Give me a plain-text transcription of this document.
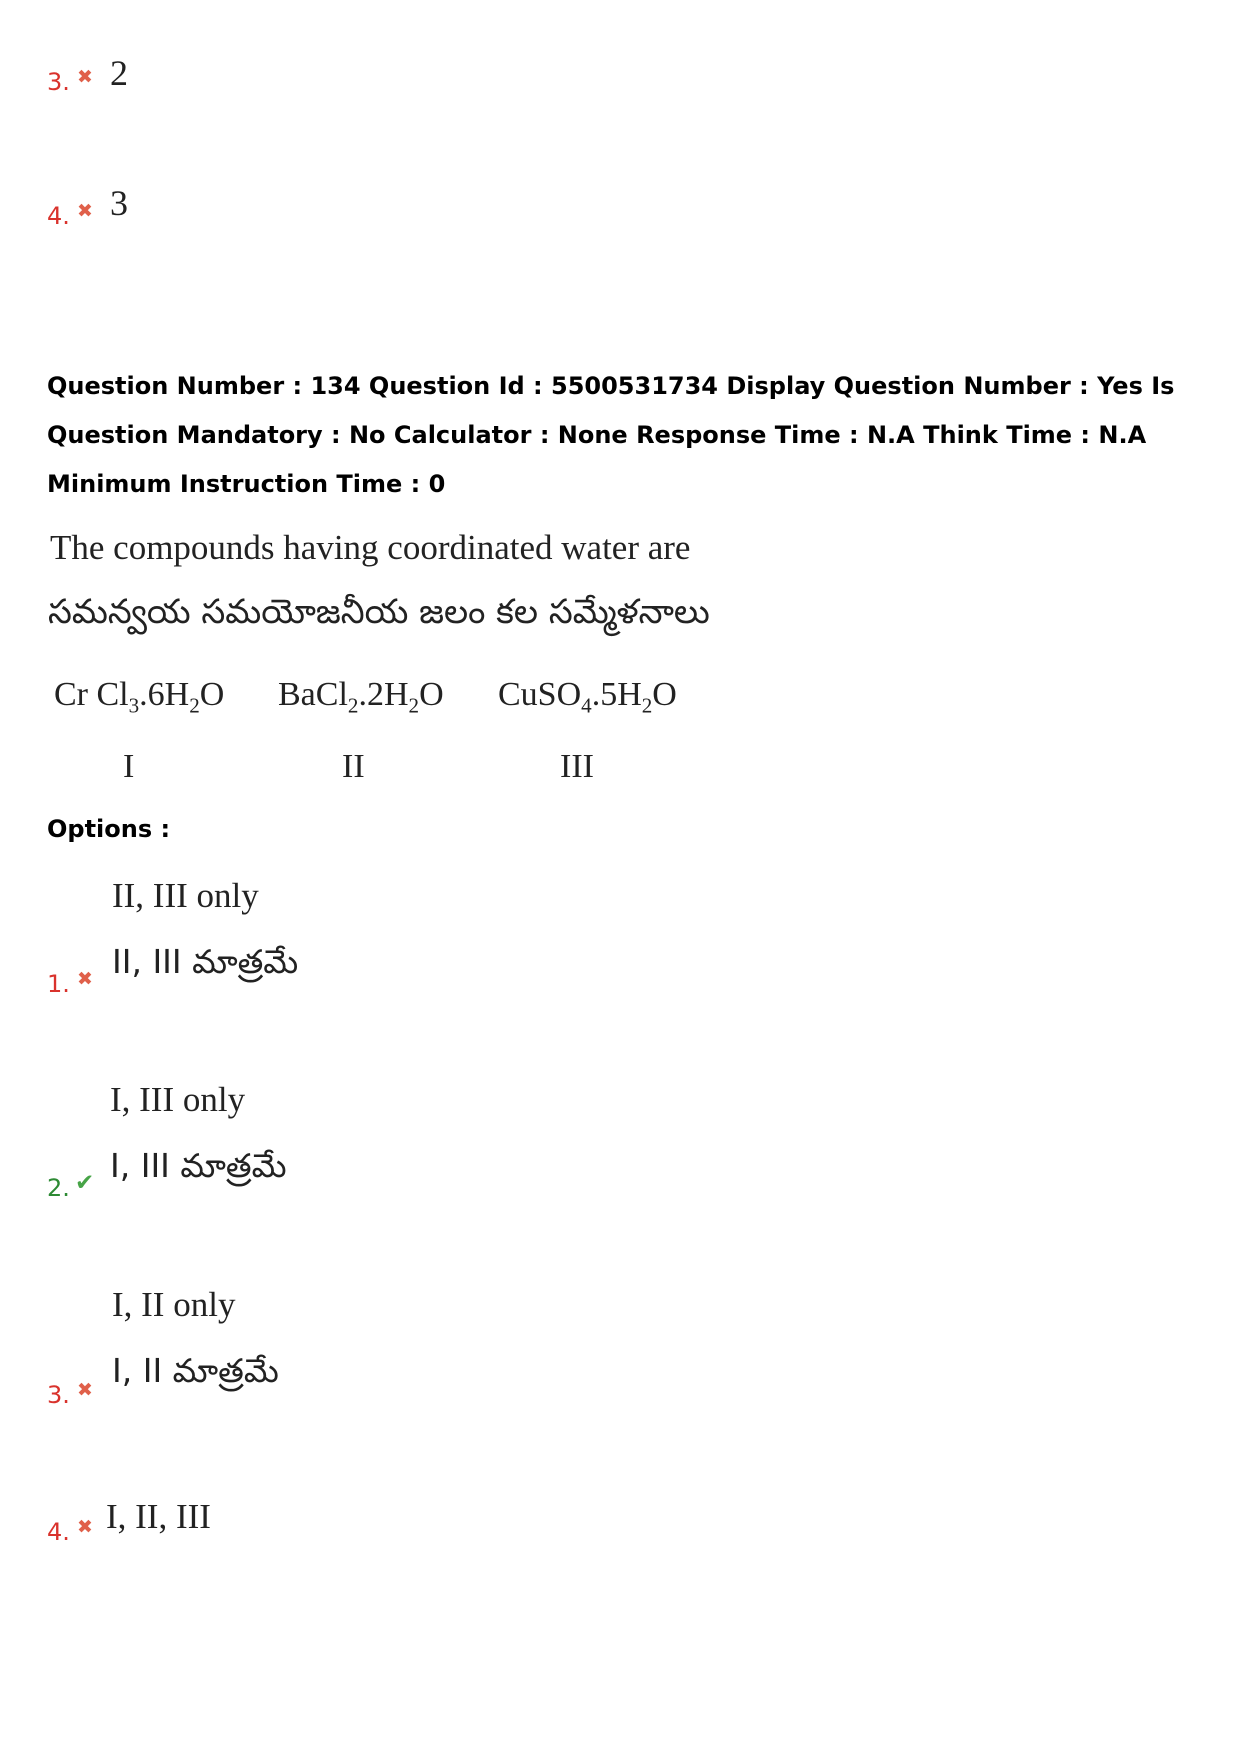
3. ✖ 2
4. ✖ 3
Question Number : 134 Question Id : 5500531734 Display Question Number : Yes Is Question Mandatory : No Calculator : None Response Time : N.A Think Time : N.A Minimum Instruction Time : 0
The compounds having coordinated water are
సమన్వయ సమయోజనీయ జలం కల సమ్మేళనాలు
Cr $Cl_3.6H_2O$ $BaCl_2.2H_2O$ $CuSO_4.5H_2O$
I	II	III
Options :
II, III only
II, III మాత్రమే
1. ✖
I, III only
I, III మాత్రమే
2. ✔
I, II only
I, II మాత్రమే
3. ✖
I, II, III
4. ✖
